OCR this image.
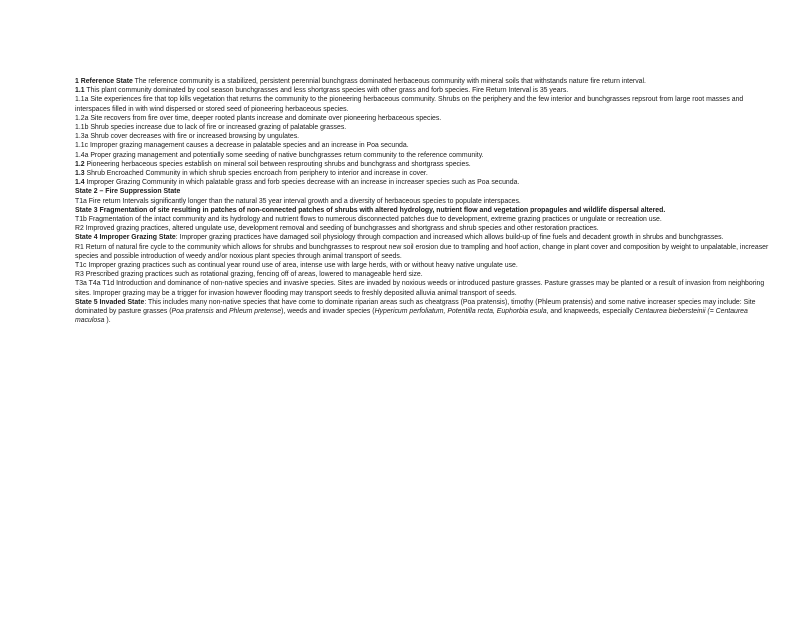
1 Reference State The reference community is a stabilized, persistent perennial bunchgrass dominated herbaceous community with mineral soils that withstands nature fire return interval.

1.1 This plant community dominated by cool season bunchgrasses and less shortgrass species with other grass and forb species. Fire Return Interval is 35 years.

1.1a Site experiences fire that top kills vegetation that returns the community to the pioneering herbaceous community. Shrubs on the periphery and the few interior and bunchgrasses repsrout from large root masses and interspaces filled in with wind dispersed or stored seed of pioneering herbaceous species.

1.2a Site recovers from fire over time, deeper rooted plants increase and dominate over pioneering herbaceous species.

1.1b Shrub species increase due to lack of fire or increased grazing of palatable grasses.

1.3a Shrub cover decreases with fire or increased browsing by ungulates.

1.1c Improper grazing management causes a decrease in palatable species and an increase in Poa secunda.

1.4a Proper grazing management and potentially some seeding of native bunchgrasses return community to the reference community.

1.2 Pioneering herbaceous species establish on mineral soil between resprouting shrubs and bunchgrass and shortgrass species.

1.3 Shrub Encroached Community in which shrub species encroach from periphery to interior and increase in cover.

1.4 Improper Grazing Community in which palatable grass and forb species decrease with an increase in increaser species such as Poa secunda.

State 2 – Fire Suppression State

T1a Fire return Intervals significantly longer than the natural 35 year interval growth and a diversity of herbaceous species to populate interspaces.

State 3 Fragmentation of site resulting in patches of non-connected patches of shrubs with altered hydrology, nutrient flow and vegetation propagules and wildlife dispersal altered.

T1b Fragmentation of the intact community and its hydrology and nutrient flows to numerous disconnected patches due to development, extreme grazing practices or ungulate or recreation use.

R2 Improved grazing practices, altered ungulate use, development removal and seeding of bunchgrasses and shortgrass and shrub species and other restoration practices.

State 4 Improper Grazing State: Improper grazing practices have damaged soil physiology through compaction and increased which allows build-up of fine fuels and decadent growth in shrubs and bunchgrasses.

R1 Return of natural fire cycle to the community which allows for shrubs and bunchgrasses to resprout new soil erosion due to trampling and hoof action, change in plant cover and composition by weight to unpalatable, increaser species and possible introduction of weedy and/or noxious plant species through animal transport of seeds.

T1c Improper grazing practices such as continual year round use of area, intense use with large herds, with or without heavy native ungulate use.

R3 Prescribed grazing practices such as rotational grazing, fencing off of areas, lowered to manageable herd size.

T3a T4a T1d Introduction and dominance of non-native species and invasive species. Sites are invaded by noxious weeds or introduced pasture grasses. Pasture grasses may be planted or a result of invasion from neighboring sites. Improper grazing may be a trigger for invasion however flooding may transport seeds to freshly deposited alluvia animal transport of seeds.

State 5 Invaded State: This includes many non-native species that have come to dominate riparian areas such as cheatgrass (Poa pratensis), timothy (Phleum pratensis) and some native increaser species may include: Site dominated by pasture grasses (Poa pratensis and Phleum pretense), weeds and invader species (Hypericum perfoliatum, Potentilla recta, Euphorbia esula, and knapweeds, especially Centaurea biebersteinii (= Centaurea maculosa ).
